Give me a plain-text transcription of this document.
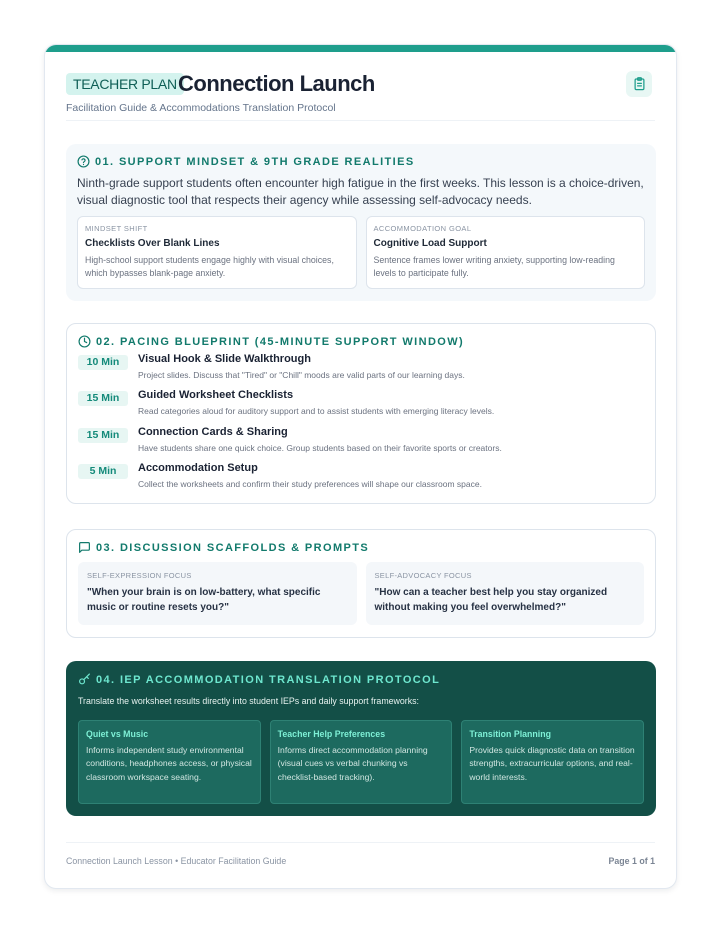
TEACHER PLAN Connection Launch
Facilitation Guide & Accommodations Translation Protocol
01. SUPPORT MINDSET & 9TH GRADE REALITIES

Ninth-grade support students often encounter high fatigue in the first weeks. This lesson is a choice-driven, visual diagnostic tool that respects their agency while assessing self-advocacy needs.

MINDSET SHIFT
Checklists Over Blank Lines
High-school support students engage highly with visual choices, which bypasses blank-page anxiety.
ACCOMMODATION GOAL
Cognitive Load Support
Sentence frames lower writing anxiety, supporting low-reading levels to participate fully.
02. PACING BLUEPRINT (45-MINUTE SUPPORT WINDOW)
10 Min	Visual Hook & Slide Walkthrough
Project slides. Discuss that "Tired" or "Chill" moods are valid parts of our learning days.
15 Min	Guided Worksheet Checklists
Read categories aloud for auditory support and to assist students with emerging literacy levels.
15 Min	Connection Cards & Sharing
Have students share one quick choice. Group students based on their favorite sports or creators.
5 Min	Accommodation Setup
Collect the worksheets and confirm their study preferences will shape our classroom space.
03. DISCUSSION SCAFFOLDS & PROMPTS
SELF-EXPRESSION FOCUS
"When your brain is on low-battery, what specific music or routine resets you?"
SELF-ADVOCACY FOCUS
"How can a teacher best help you stay organized without making you feel overwhelmed?"
04. IEP ACCOMMODATION TRANSLATION PROTOCOL

Translate the worksheet results directly into student IEPs and daily support frameworks:

Quiet vs Music
Informs independent study environmental conditions, headphones access, or physical classroom workspace seating.
Teacher Help Preferences
Informs direct accommodation planning (visual cues vs verbal chunking vs checklist-based tracking).
Transition Planning
Provides quick diagnostic data on transition strengths, extracurricular options, and real-world interests.
Connection Launch Lesson • Educator Facilitation Guide	Page 1 of 1
